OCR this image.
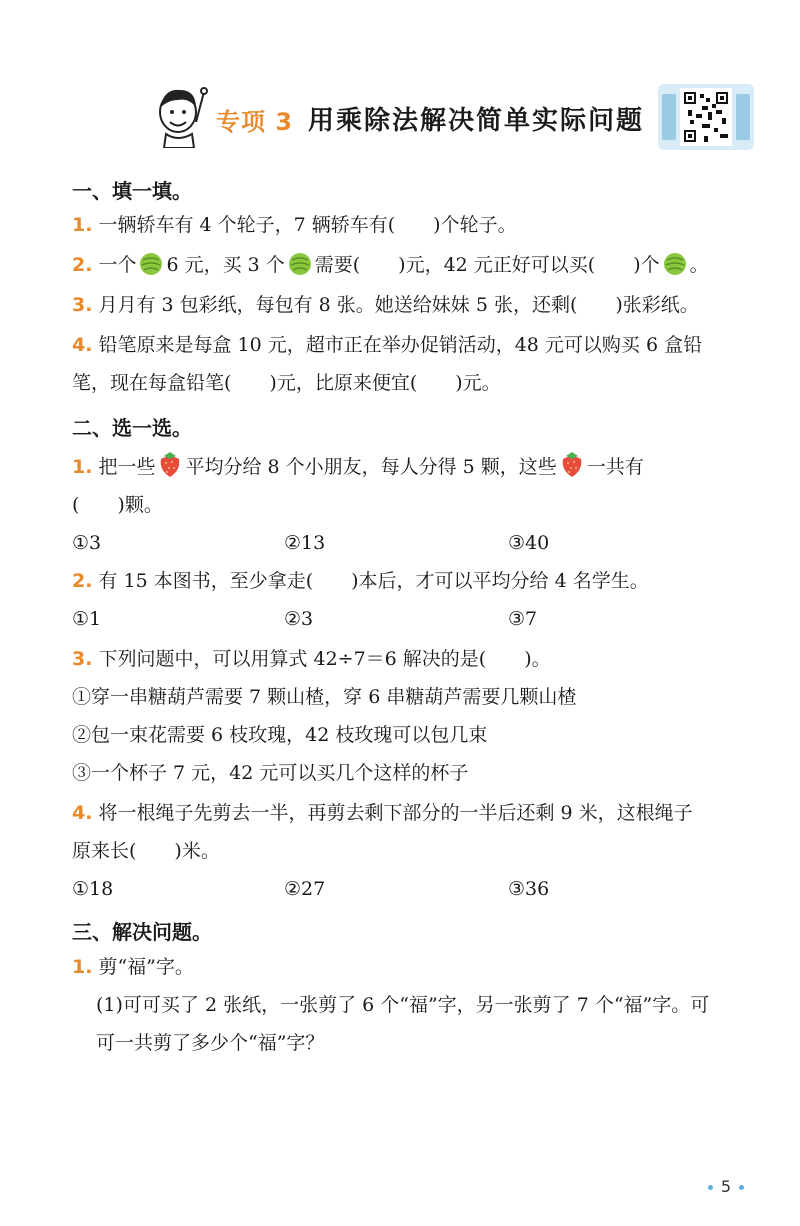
专项 3 用乘除法解决简单实际问题
一、填一填。
1. 一辆轿车有 4 个轮子，7 辆轿车有(　　)个轮子。
2. 一个 6 元，买 3 个 需要(　　)元，42 元正好可以买(　　)个 。
3. 月月有 3 包彩纸，每包有 8 张。她送给妹妹 5 张，还剩(　　)张彩纸。
4. 铅笔原来是每盒 10 元，超市正在举办促销活动，48 元可以购买 6 盒铅
笔，现在每盒铅笔(　　)元，比原来便宜(　　)元。
二、选一选。
1. 把一些 平均分给 8 个小朋友，每人分得 5 颗，这些 一共有
(　　)颗。
①3	②13	③40
2. 有 15 本图书，至少拿走(　　)本后，才可以平均分给 4 名学生。
①1	②3	③7
3. 下列问题中，可以用算式 42÷7＝6 解决的是(　　)。
①穿一串糖葫芦需要 7 颗山楂，穿 6 串糖葫芦需要几颗山楂
②包一束花需要 6 枝玫瑰，42 枝玫瑰可以包几束
③一个杯子 7 元，42 元可以买几个这样的杯子
4. 将一根绳子先剪去一半，再剪去剩下部分的一半后还剩 9 米，这根绳子
原来长(　　)米。
①18	②27	③36
三、解决问题。
1. 剪“福”字。
(1)可可买了 2 张纸，一张剪了 6 个“福”字，另一张剪了 7 个“福”字。可
可一共剪了多少个“福”字？
5
